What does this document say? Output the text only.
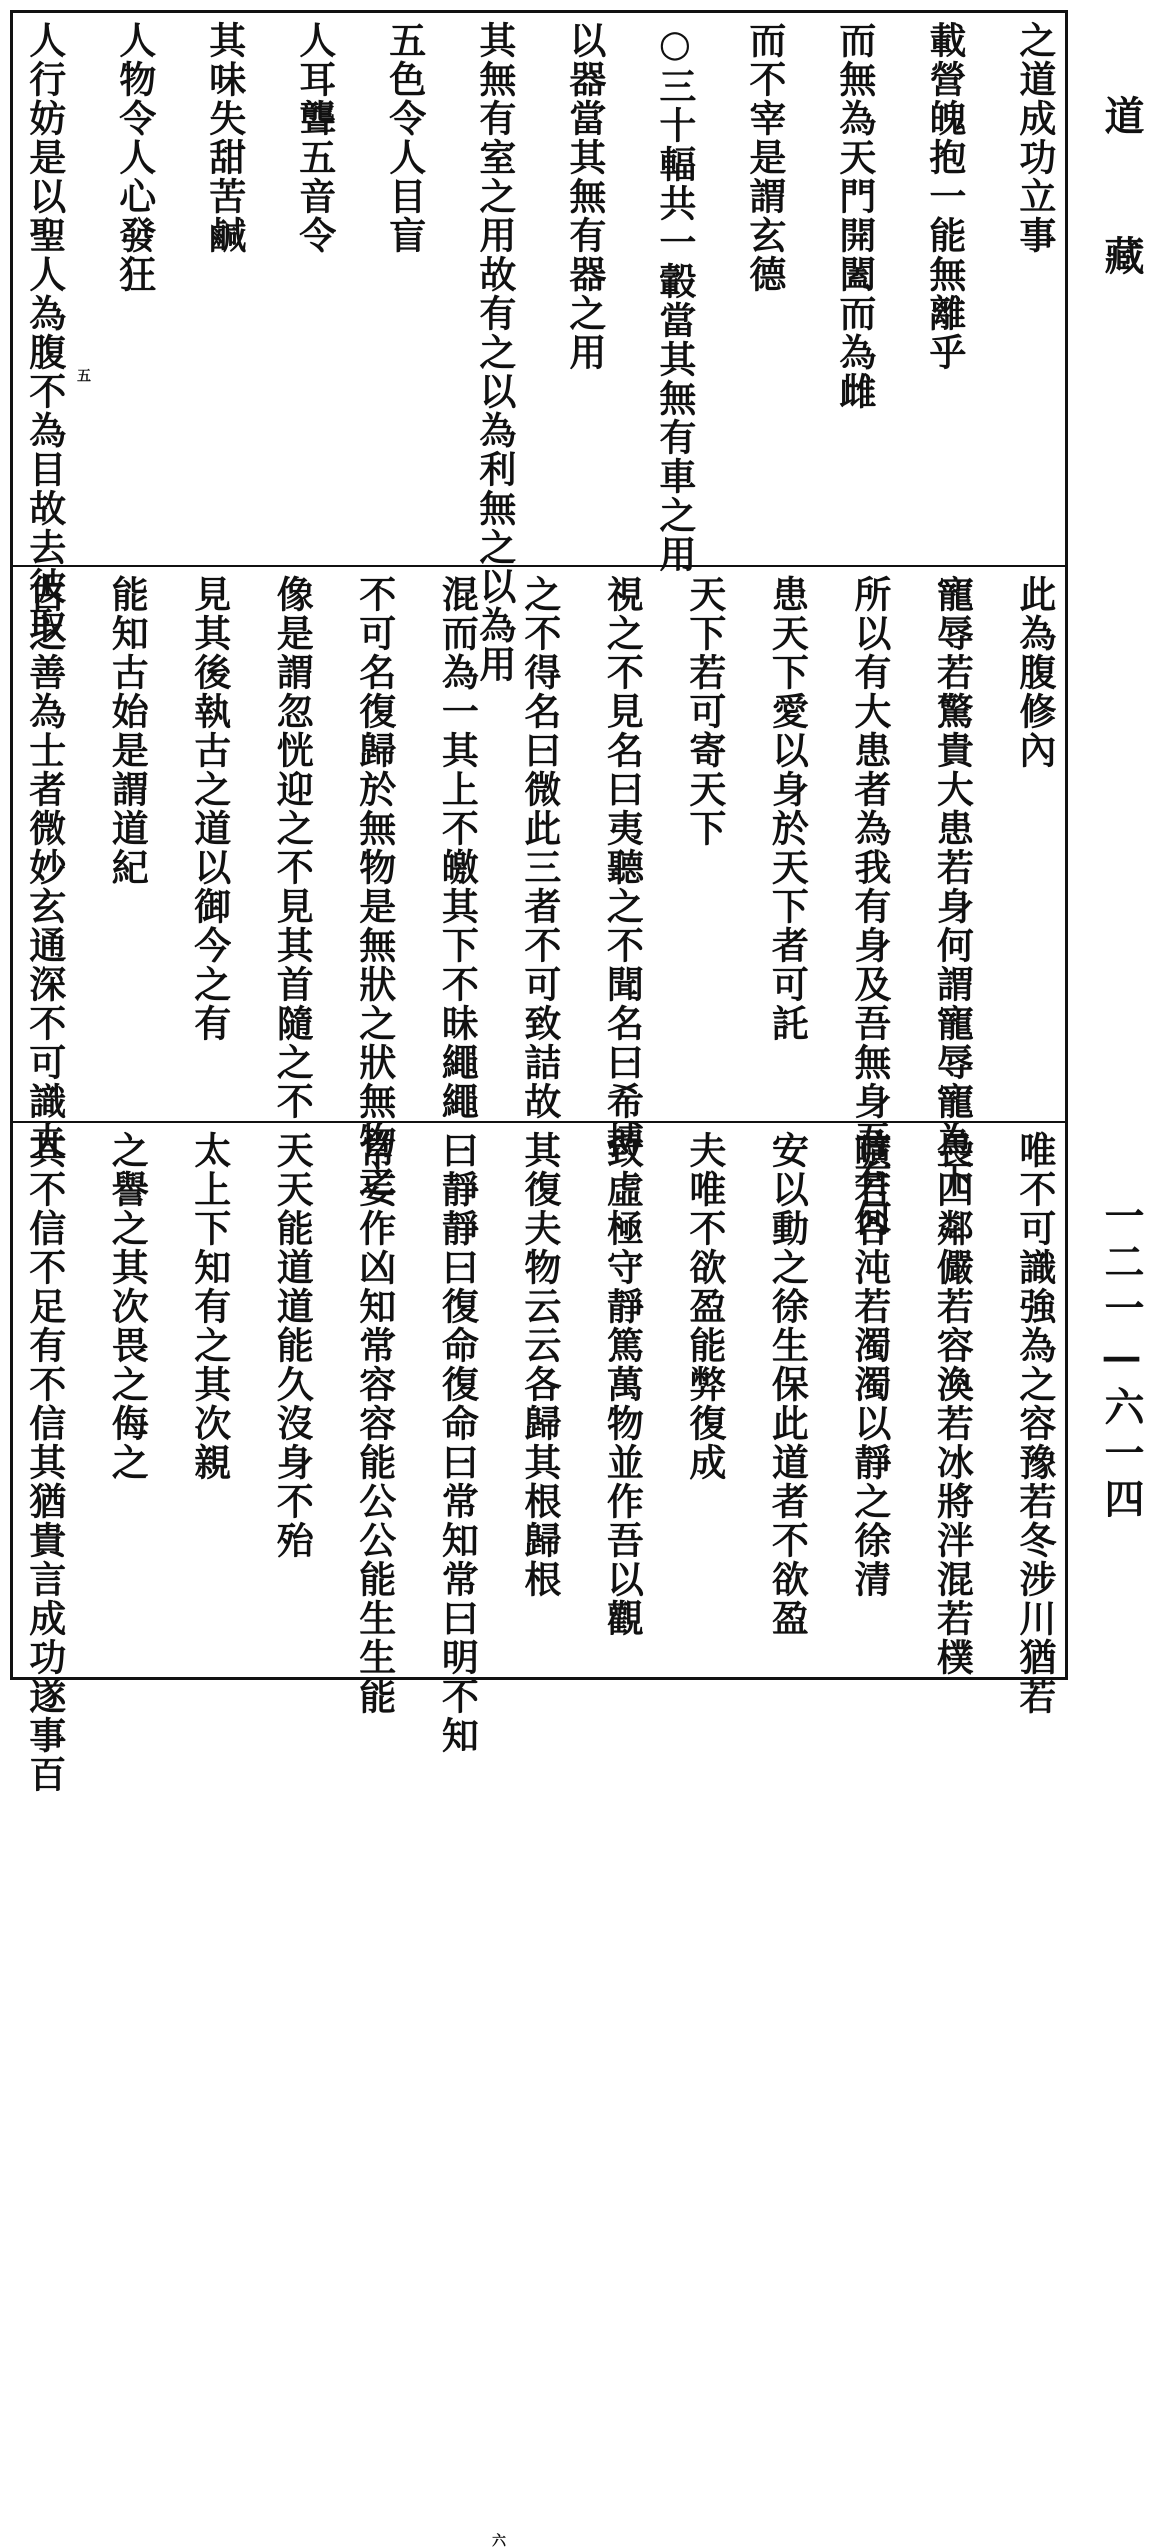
之道成功立事
載營魄抱一能無離乎
而無為天門開闔而為雌
而不宰是謂玄德
○三十輻共一轂當其無有車之用
以器當其無有器之用
其無有室之用故有之以為利無之以為用
五色令人目盲
人耳聾五音令
其味失甜苦鹹
人物令人心發狂
人行妨是以聖人為腹不為目故去彼取 五
此為腹修內
寵辱若驚貴大患若身何謂寵辱寵為下
所以有大患者為我有身及吾無身吾有何
患天下愛以身於天下者可託
天下若可寄天下
視之不見名曰夷聽之不聞名曰希搏
之不得名曰微此三者不可致詰故
混而為一其上不皦其下不昧繩繩
不可名復歸於無物是無狀之狀無物之
像是謂忽恍迎之不見其首隨之不
見其後執古之道以御今之有
能知古始是謂道紀
古之善為士者微妙玄通深不可識夫
唯不可識強為之容豫若冬涉川猶若
畏四鄰儼若容渙若冰將泮混若樸
曠若谷沌若濁濁以靜之徐清
安以動之徐生保此道者不欲盈
夫唯不欲盈能弊復成
致虛極守靜篤萬物並作吾以觀
其復夫物云云各歸其根歸根
曰靜靜曰復命復命曰常知常曰明不知
常妄作凶知常容容能公公能生生能
天天能道道能久沒身不殆
太上下知有之其次親
之譽之其次畏之侮之
其不信不足有不信其猶貴言成功遂事百
六
道藏
一二一—六一四
